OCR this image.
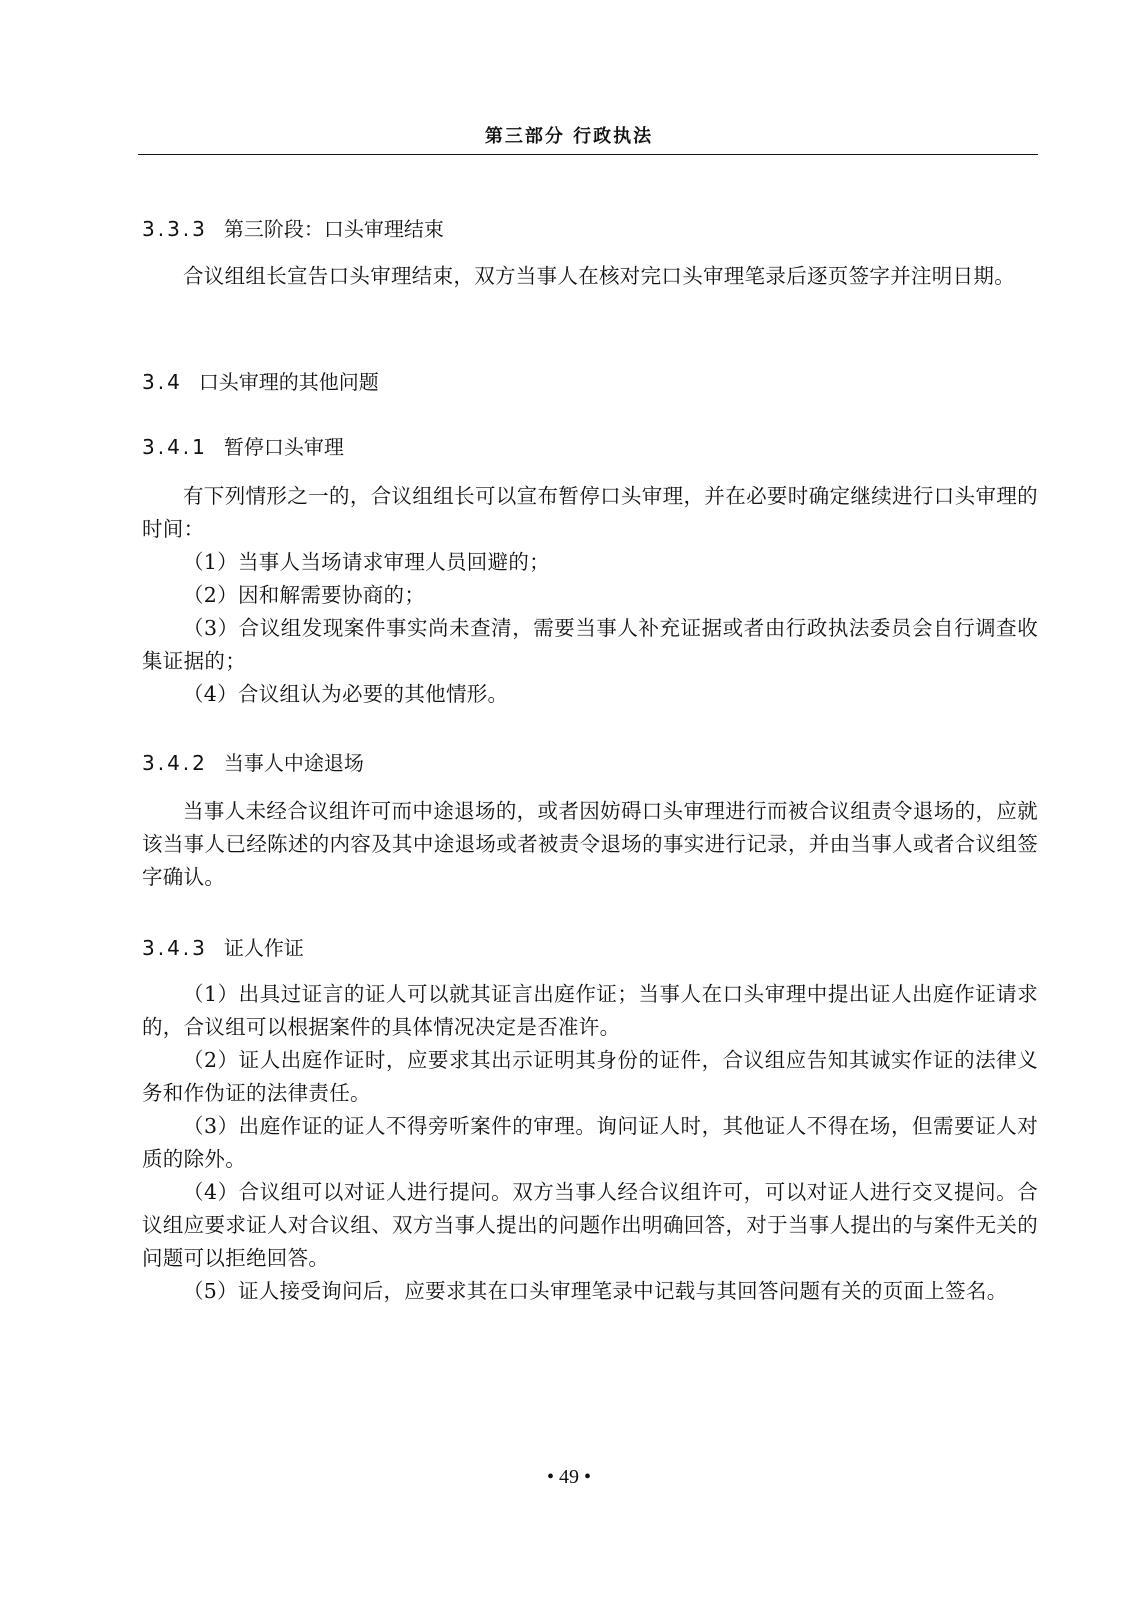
第三部分 行政执法
3.3.3 第三阶段：口头审理结束
合议组组长宣告口头审理结束，双方当事人在核对完口头审理笔录后逐页签字并注明日期。
3.4 口头审理的其他问题
3.4.1 暂停口头审理
有下列情形之一的，合议组组长可以宣布暂停口头审理，并在必要时确定继续进行口头审理的时间：
（1）当事人当场请求审理人员回避的；
（2）因和解需要协商的；
（3）合议组发现案件事实尚未查清，需要当事人补充证据或者由行政执法委员会自行调查收集证据的；
（4）合议组认为必要的其他情形。
3.4.2 当事人中途退场
当事人未经合议组许可而中途退场的，或者因妨碍口头审理进行而被合议组责令退场的，应就该当事人已经陈述的内容及其中途退场或者被责令退场的事实进行记录，并由当事人或者合议组签字确认。
3.4.3 证人作证
（1）出具过证言的证人可以就其证言出庭作证；当事人在口头审理中提出证人出庭作证请求的，合议组可以根据案件的具体情况决定是否准许。
（2）证人出庭作证时，应要求其出示证明其身份的证件，合议组应告知其诚实作证的法律义务和作伪证的法律责任。
（3）出庭作证的证人不得旁听案件的审理。询问证人时，其他证人不得在场，但需要证人对质的除外。
（4）合议组可以对证人进行提问。双方当事人经合议组许可，可以对证人进行交叉提问。合议组应要求证人对合议组、双方当事人提出的问题作出明确回答，对于当事人提出的与案件无关的问题可以拒绝回答。
（5）证人接受询问后，应要求其在口头审理笔录中记载与其回答问题有关的页面上签名。
• 49 •
